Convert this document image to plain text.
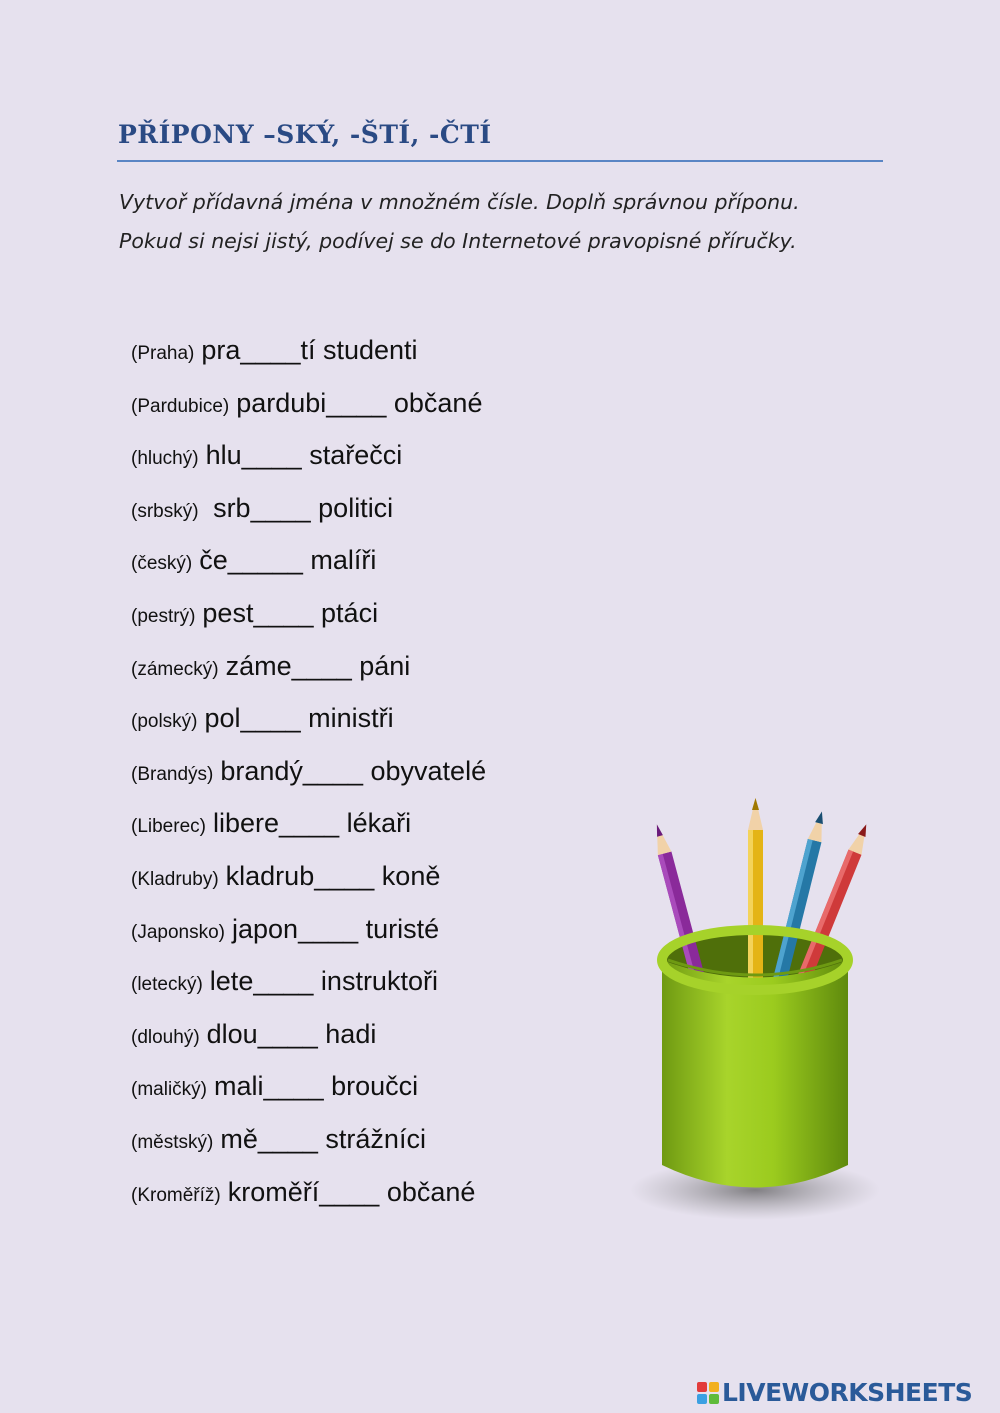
PŘÍPONY –SKÝ, -ŠTÍ, -ČTÍ
Vytvoř přídavná jména v množném čísle. Doplň správnou příponu.
Pokud si nejsi jistý, podívej se do Internetové pravopisné příručky.
(Praha) pra ____ tí studenti
(Pardubice) pardubi ____ občané
(hluchý) hlu ____ stařečci
(srbský) srb ____ politici
(český) če _____ malíři
(pestrý) pest ____ ptáci
(zámecký) záme ____ páni
(polský) pol ____ ministři
(Brandýs) brandý ____ obyvatelé
(Liberec) libere ____ lékaři
(Kladruby) kladrub ____ koně
(Japonsko) japon ____ turisté
(letecký) lete ____ instruktoři
(dlouhý) dlou ____ hadi
(maličký) mali ____ broučci
(městský) mě ____ strážníci
(Kroměříž) kroměří ____ občané
LIVEWORKSHEETS
